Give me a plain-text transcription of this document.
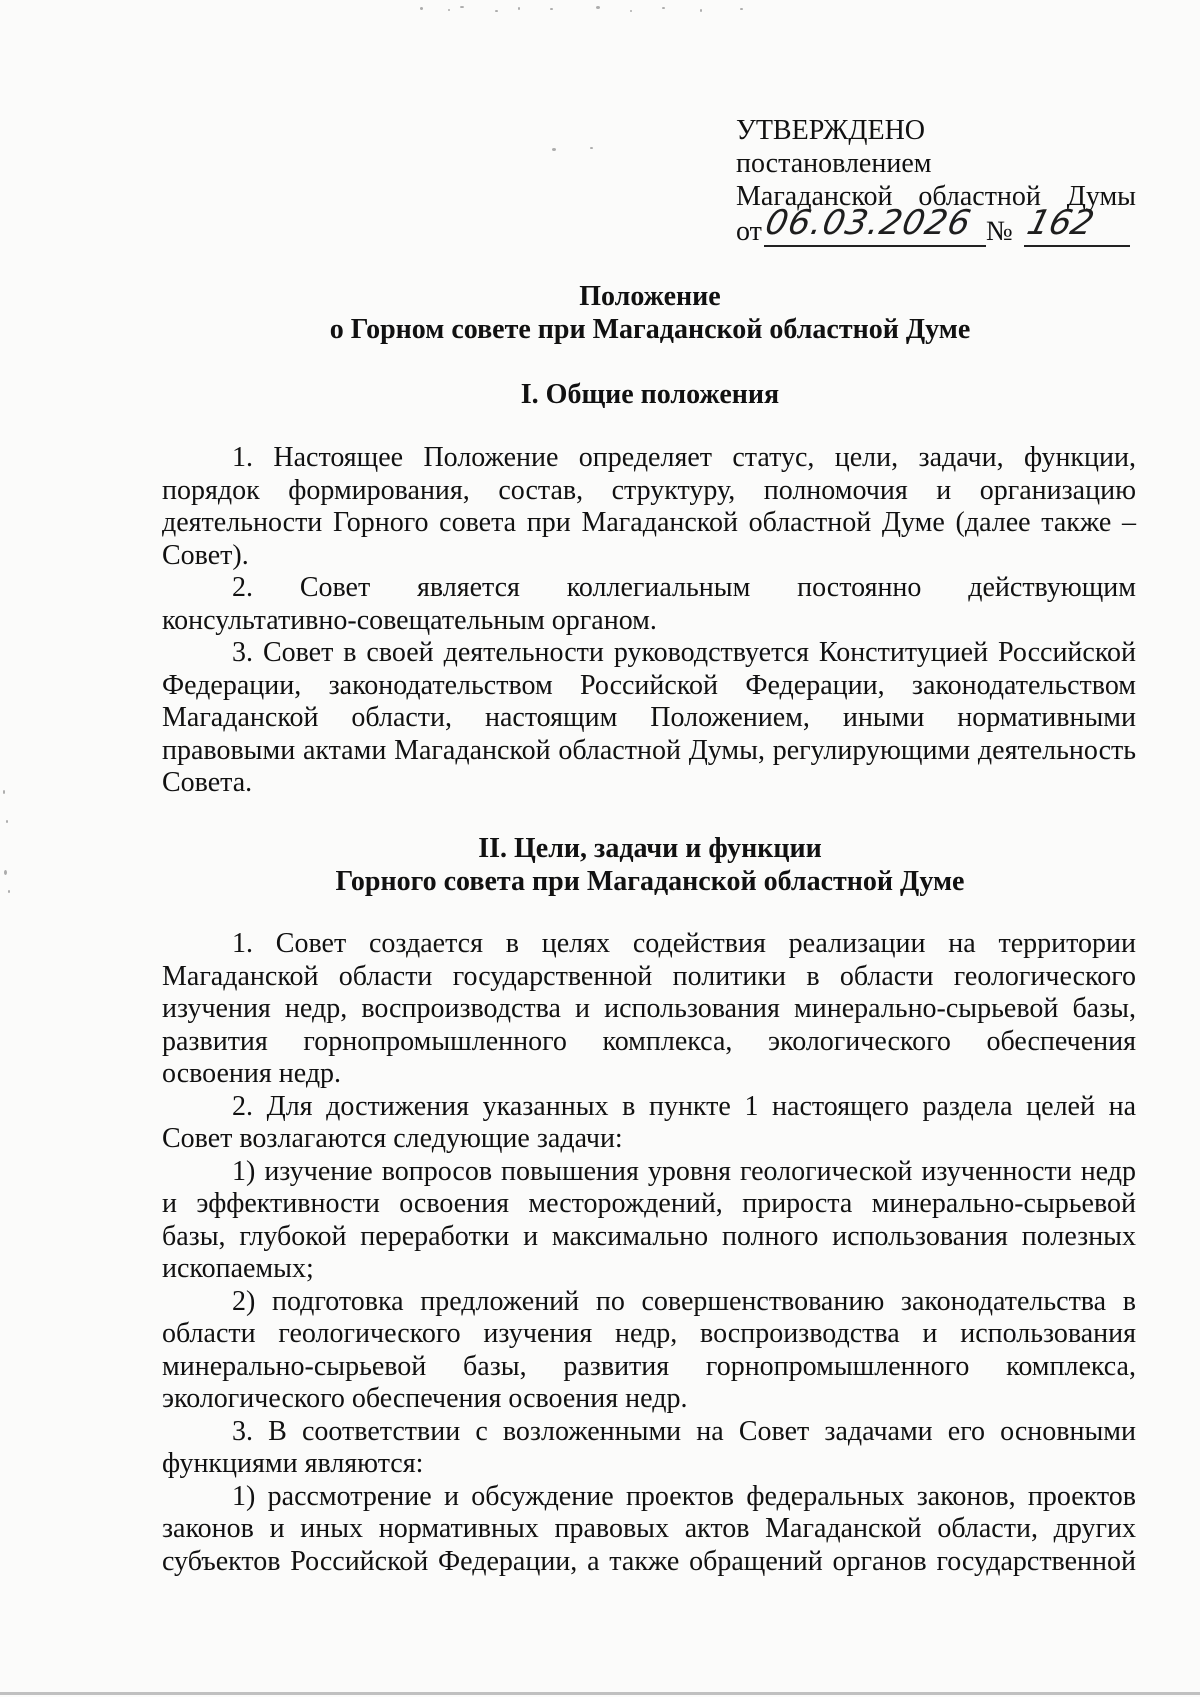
УТВЕРЖДЕНО
постановлением
Магаданской областной Думы
от 06.03.2026 № 162
Положение
о Горном совете при Магаданской областной Думе
I. Общие положения

1. Настоящее Положение определяет статус, цели, задачи, функции, порядок формирования, состав, структуру, полномочия и организацию деятельности Горного совета при Магаданской областной Думе (далее также – Совет).

2. Совет является коллегиальным постоянно действующим консультативно-совещательным органом.

3. Совет в своей деятельности руководствуется Конституцией Российской Федерации, законодательством Российской Федерации, законодательством Магаданской области, настоящим Положением, иными нормативными правовыми актами Магаданской областной Думы, регулирующими деятельность Совета.

II. Цели, задачи и функции
Горного совета при Магаданской областной Думе

1. Совет создается в целях содействия реализации на территории Магаданской области государственной политики в области геологического изучения недр, воспроизводства и использования минерально-сырьевой базы, развития горнопромышленного комплекса, экологического обеспечения освоения недр.

2. Для достижения указанных в пункте 1 настоящего раздела целей на Совет возлагаются следующие задачи:

1) изучение вопросов повышения уровня геологической изученности недр и эффективности освоения месторождений, прироста минерально-сырьевой базы, глубокой переработки и максимально полного использования полезных ископаемых;

2) подготовка предложений по совершенствованию законодательства в области геологического изучения недр, воспроизводства и использования минерально-сырьевой базы, развития горнопромышленного комплекса, экологического обеспечения освоения недр.

3. В соответствии с возложенными на Совет задачами его основными функциями являются:

1) рассмотрение и обсуждение проектов федеральных законов, проектов законов и иных нормативных правовых актов Магаданской области, других субъектов Российской Федерации, а также обращений органов государственной
